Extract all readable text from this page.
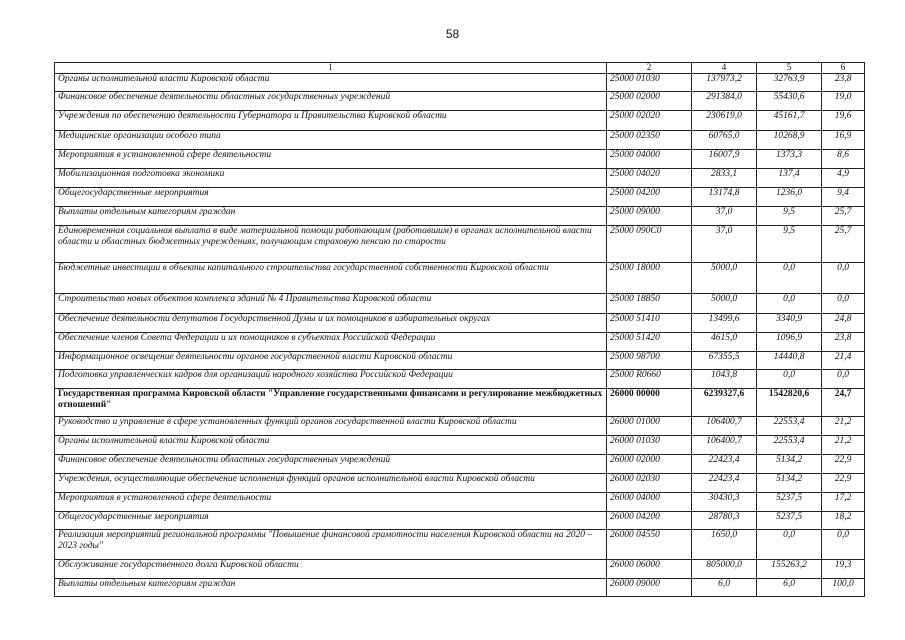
58
1	2	4	5	6
Органы исполнительной власти Кировской области	25000 01030	137973,2	32763,9	23,8
Финансовое обеспечение деятельности областных государственных учреждений	25000 02000	291384,0	55430,6	19,0
Учреждения по обеспечению деятельности Губернатора и Правительства Кировской области	25000 02020	230619,0	45161,7	19,6
Медицинские организации особого типа	25000 02350	60765,0	10268,9	16,9
Мероприятия в установленной сфере деятельности	25000 04000	16007,9	1373,3	8,6
Мобилизационная подготовка экономики	25000 04020	2833,1	137,4	4,9
Общегосударственные мероприятия	25000 04200	13174,8	1236,0	9,4
Выплаты отдельным категориям граждан	25000 09000	37,0	9,5	25,7
Единовременная социальная выплата в виде материальной помощи работающим (работавшим) в органах исполнительной власти области и областных бюджетных учреждениях, получающим страховую пенсию по старости	25000 090С0	37,0	9,5	25,7
Бюджетные инвестиции в объекты капитального строительства государственной собственности Кировской области	25000 18000	5000,0	0,0	0,0
Строительство новых объектов комплекса зданий № 4 Правительства Кировской области	25000 18850	5000,0	0,0	0,0
Обеспечение деятельности депутатов Государственной Думы и их помощников в избирательных округах	25000 51410	13499,6	3340,9	24,8
Обеспечение членов Совета Федерации и их помощников в субъектах Российской Федерации	25000 51420	4615,0	1096,9	23,8
Информационное освещение деятельности органов государственной власти Кировской области	25000 98700	67355,5	14440,8	21,4
Подготовка управленческих кадров для организаций народного хозяйства Российской Федерации	25000 R0660	1043,8	0,0	0,0
Государственная программа Кировской области "Управление государственными финансами и регулирование межбюджетных отношений"	26000 00000	6239327,6	1542820,6	24,7
Руководство и управление в сфере установленных функций органов государственной власти Кировской области	26000 01000	106400,7	22553,4	21,2
Органы исполнительной власти Кировской области	26000 01030	106400,7	22553,4	21,2
Финансовое обеспечение деятельности областных государственных учреждений	26000 02000	22423,4	5134,2	22,9
Учреждения, осуществляющие обеспечение исполнения функций органов исполнительной власти Кировской области	26000 02030	22423,4	5134,2	22,9
Мероприятия в установленной сфере деятельности	26000 04000	30430,3	5237,5	17,2
Общегосударственные мероприятия	26000 04200	28780,3	5237,5	18,2
Реализация мероприятий региональной программы "Повышение финансовой грамотности населения Кировской области на 2020 – 2023 годы"	26000 04550	1650,0	0,0	0,0
Обслуживание государственного долга Кировской области	26000 06000	805000,0	155263,2	19,3
Выплаты отдельным категориям граждан	26000 09000	6,0	6,0	100,0
